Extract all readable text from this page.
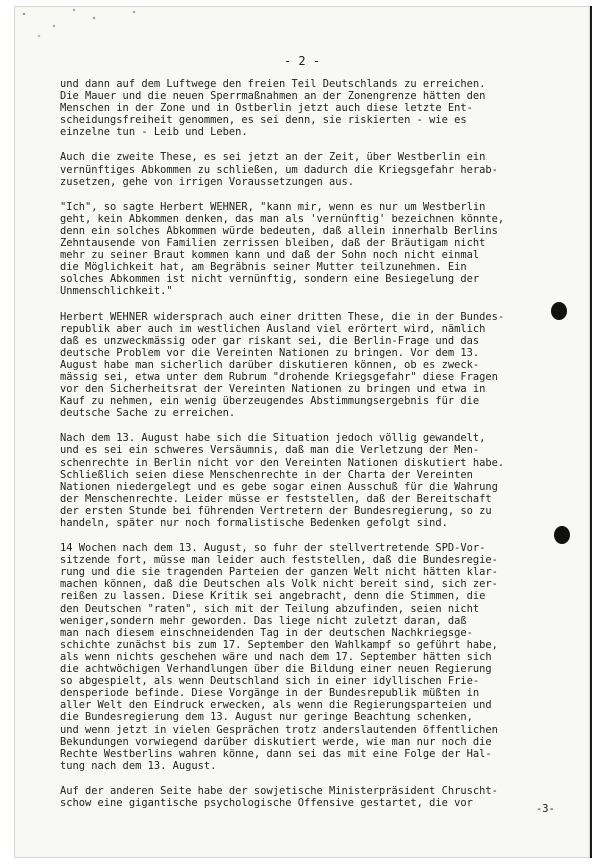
- 2 -
und dann auf dem Luftwege den freien Teil Deutschlands zu erreichen.
Die Mauer und die neuen Sperrmaßnahmen an der Zonengrenze hätten den
Menschen in der Zone und in Ostberlin jetzt auch diese letzte Ent-
scheidungsfreiheit genommen, es sei denn, sie riskierten - wie es
einzelne tun - Leib und Leben.
Auch die zweite These, es sei jetzt an der Zeit, über Westberlin ein
vernünftiges Abkommen zu schließen, um dadurch die Kriegsgefahr herab-
zusetzen, gehe von irrigen Voraussetzungen aus.
"Ich", so sagte Herbert WEHNER, "kann mir, wenn es nur um Westberlin
geht, kein Abkommen denken, das man als 'vernünftig' bezeichnen könnte,
denn ein solches Abkommen würde bedeuten, daß allein innerhalb Berlins
Zehntausende von Familien zerrissen bleiben, daß der Bräutigam nicht
mehr zu seiner Braut kommen kann und daß der Sohn noch nicht einmal
die Möglichkeit hat, am Begräbnis seiner Mutter teilzunehmen. Ein
solches Abkommen ist nicht vernünftig, sondern eine Besiegelung der
Unmenschlichkeit."
Herbert WEHNER widersprach auch einer dritten These, die in der Bundes-
republik aber auch im westlichen Ausland viel erörtert wird, nämlich
daß es unzweckmässig oder gar riskant sei, die Berlin-Frage und das
deutsche Problem vor die Vereinten Nationen zu bringen. Vor dem 13.
August habe man sicherlich darüber diskutieren können, ob es zweck-
mässig sei, etwa unter dem Rubrum "drohende Kriegsgefahr" diese Fragen
vor den Sicherheitsrat der Vereinten Nationen zu bringen und etwa in
Kauf zu nehmen, ein wenig überzeugendes Abstimmungsergebnis für die
deutsche Sache zu erreichen.
Nach dem 13. August habe sich die Situation jedoch völlig gewandelt,
und es sei ein schweres Versäumnis, daß man die Verletzung der Men-
schenrechte in Berlin nicht vor den Vereinten Nationen diskutiert habe.
Schließlich seien diese Menschenrechte in der Charta der Vereinten
Nationen niedergelegt und es gebe sogar einen Ausschuß für die Wahrung
der Menschenrechte. Leider müsse er feststellen, daß der Bereitschaft
der ersten Stunde bei führenden Vertretern der Bundesregierung, so zu
handeln, später nur noch formalistische Bedenken gefolgt sind.
14 Wochen nach dem 13. August, so fuhr der stellvertretende SPD-Vor-
sitzende fort, müsse man leider auch feststellen, daß die Bundesregie-
rung und die sie tragenden Parteien der ganzen Welt nicht hätten klar-
machen können, daß die Deutschen als Volk nicht bereit sind, sich zer-
reißen zu lassen. Diese Kritik sei angebracht, denn die Stimmen, die
den Deutschen "raten", sich mit der Teilung abzufinden, seien nicht
weniger,sondern mehr geworden. Das liege nicht zuletzt daran, daß
man nach diesem einschneidenden Tag in der deutschen Nachkriegsge-
schichte zunächst bis zum 17. September den Wahlkampf so geführt habe,
als wenn nichts geschehen wäre und nach dem 17. September hätten sich
die achtwöchigen Verhandlungen über die Bildung einer neuen Regierung
so abgespielt, als wenn Deutschland sich in einer idyllischen Frie-
densperiode befinde. Diese Vorgänge in der Bundesrepublik müßten in
aller Welt den Eindruck erwecken, als wenn die Regierungsparteien und
die Bundesregierung dem 13. August nur geringe Beachtung schenken,
und wenn jetzt in vielen Gesprächen trotz anderslautenden öffentlichen
Bekundungen vorwiegend darüber diskutiert werde, wie man nur noch die
Rechte Westberlins wahren könne, dann sei das mit eine Folge der Hal-
tung nach dem 13. August.
Auf der anderen Seite habe der sowjetische Ministerpräsident Chruscht-
schow eine gigantische psychologische Offensive gestartet, die vor
-3-
